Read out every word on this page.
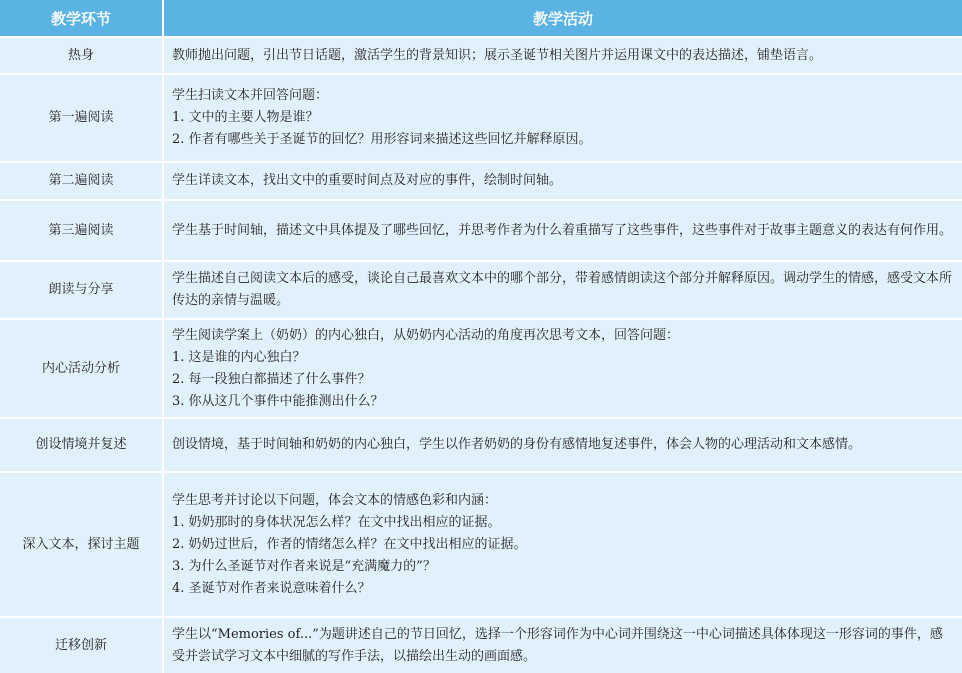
教学环节	教学活动
热身	教师抛出问题，引出节日话题，激活学生的背景知识；展示圣诞节相关图片并运用课文中的表达描述，铺垫语言。

第一遍阅读	学生扫读文本并回答问题：
1. 文中的主要人物是谁？
2. 作者有哪些关于圣诞节的回忆？用形容词来描述这些回忆并解释原因。

第二遍阅读	学生详读文本，找出文中的重要时间点及对应的事件，绘制时间轴。

第三遍阅读	学生基于时间轴，描述文中具体提及了哪些回忆，并思考作者为什么着重描写了这些事件，这些事件对于故事主题意义的表达有何作用。

朗读与分享	学生描述自己阅读文本后的感受，谈论自己最喜欢文本中的哪个部分，带着感情朗读这个部分并解释原因。调动学生的情感，感受文本所传达的亲情与温暖。

内心活动分析	学生阅读学案上（奶奶）的内心独白，从奶奶内心活动的角度再次思考文本，回答问题：
1. 这是谁的内心独白？
2. 每一段独白都描述了什么事件？
3. 你从这几个事件中能推测出什么？

创设情境并复述	创设情境，基于时间轴和奶奶的内心独白，学生以作者奶奶的身份有感情地复述事件，体会人物的心理活动和文本感情。

深入文本，探讨主题	学生思考并讨论以下问题，体会文本的情感色彩和内涵：
1. 奶奶那时的身体状况怎么样？在文中找出相应的证据。
2. 奶奶过世后，作者的情绪怎么样？在文中找出相应的证据。
3. 为什么圣诞节对作者来说是“充满魔力的”？
4. 圣诞节对作者来说意味着什么？

迁移创新	学生以“Memories of...”为题讲述自己的节日回忆，选择一个形容词作为中心词并围绕这一中心词描述具体体现这一形容词的事件，感受并尝试学习文本中细腻的写作手法，以描绘出生动的画面感。
